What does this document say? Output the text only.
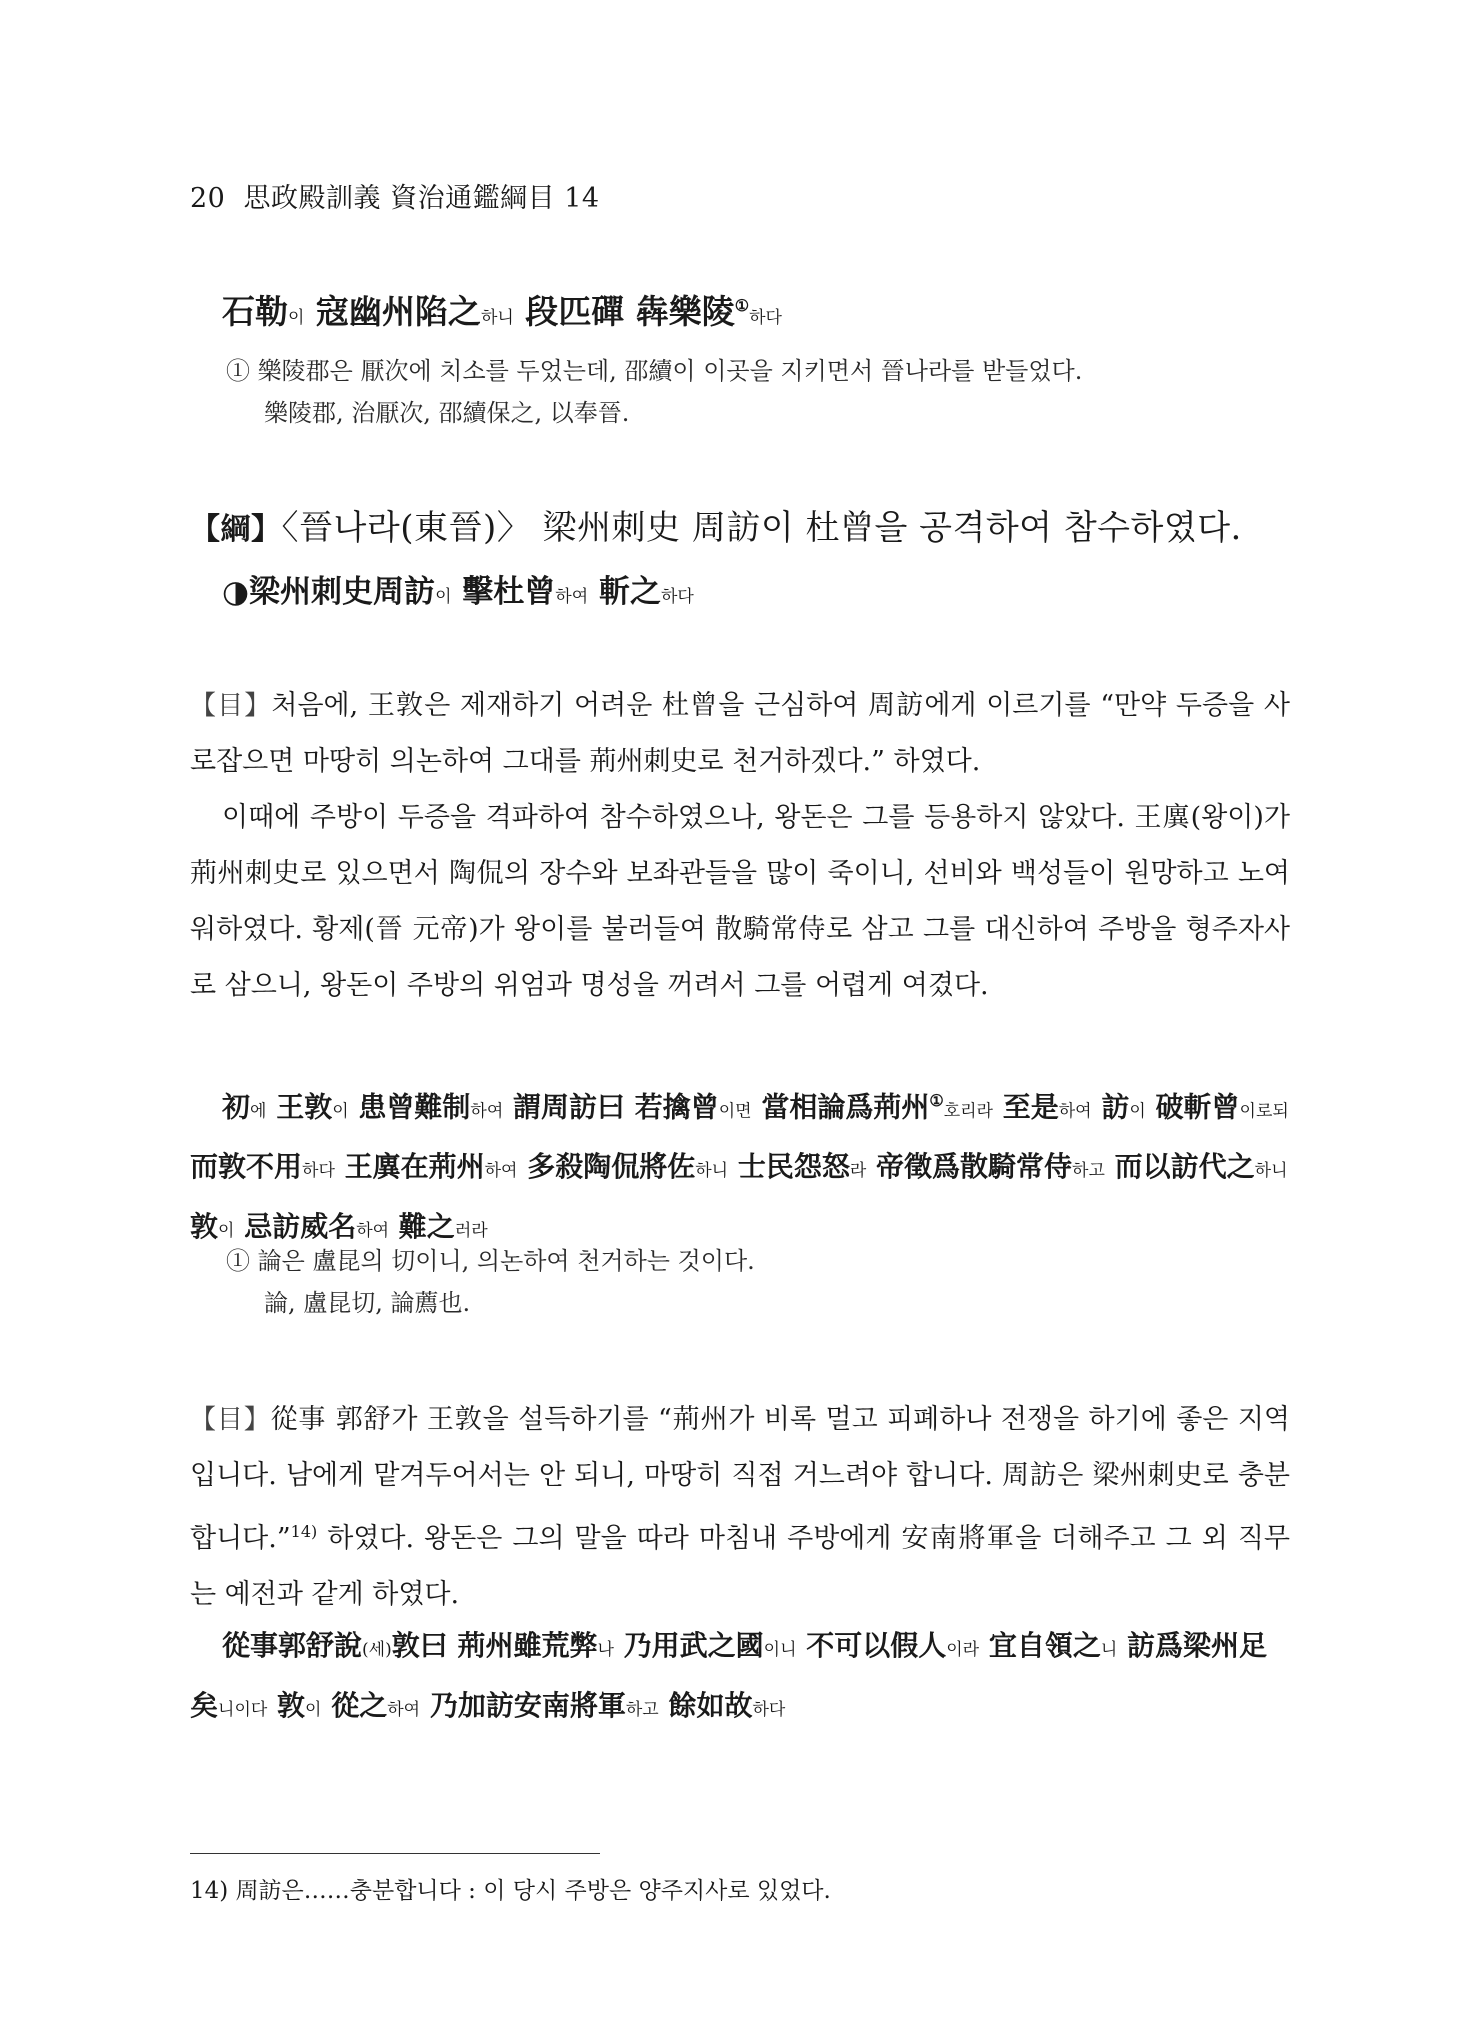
20 思政殿訓義 資治通鑑綱目 14
石勒이 寇幽州陷之하니 段匹磾 犇樂陵①하다
① 樂陵郡은 厭次에 치소를 두었는데, 邵續이 이곳을 지키면서 晉나라를 받들었다.
樂陵郡, 治厭次, 邵續保之, 以奉晉.
【綱】〈晉나라(東晉)〉 梁州刺史 周訪이 杜曾을 공격하여 참수하였다.
◑梁州刺史周訪이 擊杜曾하여 斬之하다
【目】처음에, 王敦은 제재하기 어려운 杜曾을 근심하여 周訪에게 이르기를 “만약 두증을 사로잡으면 마땅히 의논하여 그대를 荊州刺史로 천거하겠다.” 하였다.
이때에 주방이 두증을 격파하여 참수하였으나, 왕돈은 그를 등용하지 않았다. 王廙(왕이)가 荊州刺史로 있으면서 陶侃의 장수와 보좌관들을 많이 죽이니, 선비와 백성들이 원망하고 노여워하였다. 황제(晉 元帝)가 왕이를 불러들여 散騎常侍로 삼고 그를 대신하여 주방을 형주자사로 삼으니, 왕돈이 주방의 위엄과 명성을 꺼려서 그를 어렵게 여겼다.
初에 王敦이 患曾難制하여 謂周訪曰 若擒曾이면 當相論爲荊州①호리라 至是하여 訪이 破斬曾이로되 而敦不用하다 王廙在荊州하여 多殺陶侃將佐하니 士民怨怒라 帝徵爲散騎常侍하고 而以訪代之하니 敦이 忌訪威名하여 難之러라
① 論은 盧昆의 切이니, 의논하여 천거하는 것이다.
論, 盧昆切, 論薦也.
【目】從事 郭舒가 王敦을 설득하기를 “荊州가 비록 멀고 피폐하나 전쟁을 하기에 좋은 지역입니다. 남에게 맡겨두어서는 안 되니, 마땅히 직접 거느려야 합니다. 周訪은 梁州刺史로 충분합니다.”$^{14)}$ 하였다. 왕돈은 그의 말을 따라 마침내 주방에게 安南將軍을 더해주고 그 외 직무는 예전과 같게 하였다.
從事郭舒說(세)敦曰 荊州雖荒弊나 乃用武之國이니 不可以假人이라 宜自領之니 訪爲梁州足矣니이다 敦이 從之하여 乃加訪安南將軍하고 餘如故하다
14) 周訪은……충분합니다 : 이 당시 주방은 양주지사로 있었다.
